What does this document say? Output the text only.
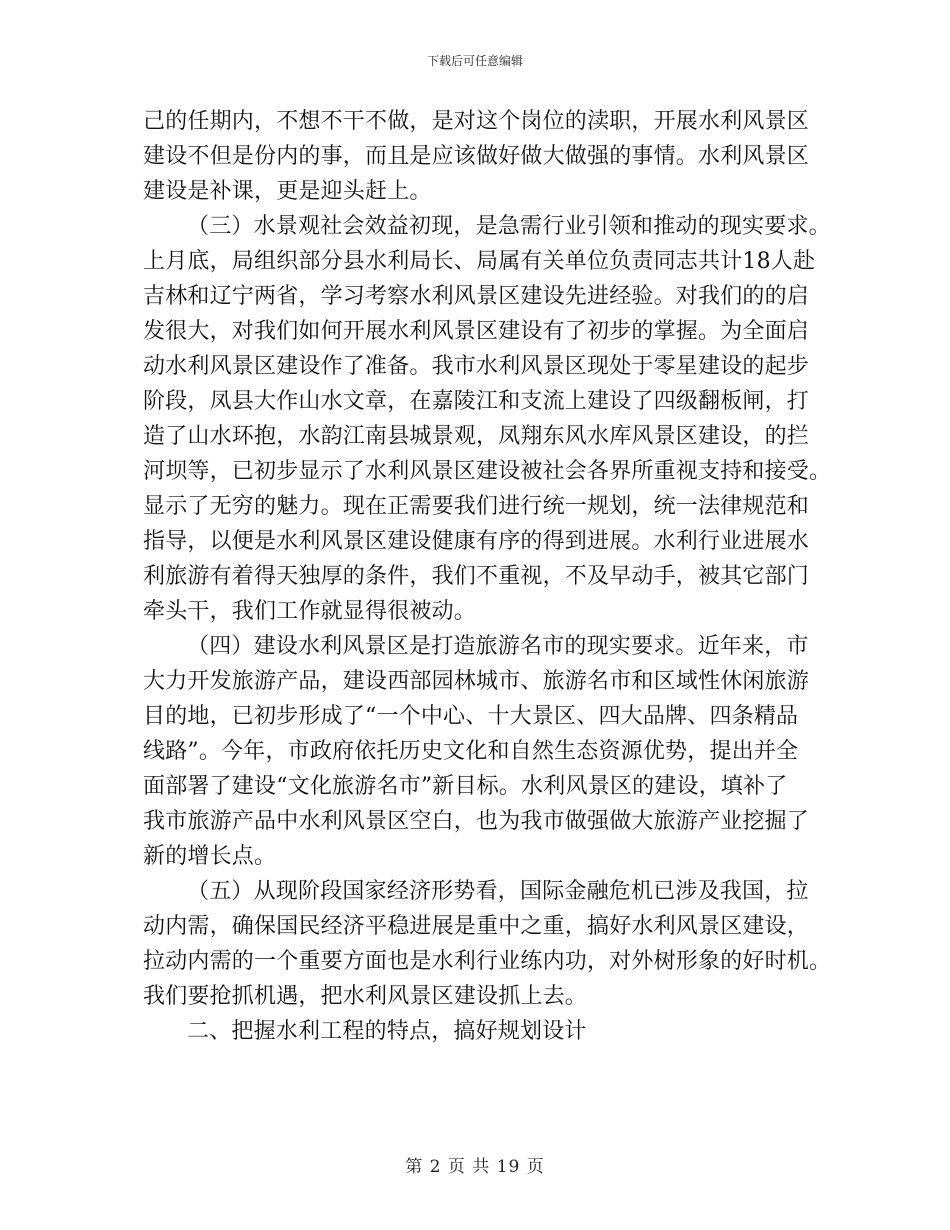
下载后可任意编辑
己的任期内，不想不干不做，是对这个岗位的渎职，开展水利风景区
建设不但是份内的事，而且是应该做好做大做强的事情。水利风景区
建设是补课，更是迎头赶上。
（三）水景观社会效益初现，是急需行业引领和推动的现实要求。
上月底，局组织部分县水利局长、局属有关单位负责同志共计18人赴
吉林和辽宁两省，学习考察水利风景区建设先进经验。对我们的的启
发很大，对我们如何开展水利风景区建设有了初步的掌握。为全面启
动水利风景区建设作了准备。我市水利风景区现处于零星建设的起步
阶段，凤县大作山水文章，在嘉陵江和支流上建设了四级翻板闸，打
造了山水环抱，水韵江南县城景观，凤翔东风水库风景区建设，的拦
河坝等，已初步显示了水利风景区建设被社会各界所重视支持和接受。
显示了无穷的魅力。现在正需要我们进行统一规划，统一法律规范和
指导，以便是水利风景区建设健康有序的得到进展。水利行业进展水
利旅游有着得天独厚的条件，我们不重视，不及早动手，被其它部门
牵头干，我们工作就显得很被动。
（四）建设水利风景区是打造旅游名市的现实要求。近年来，市
大力开发旅游产品，建设西部园林城市、旅游名市和区域性休闲旅游
目的地，已初步形成了“一个中心、十大景区、四大品牌、四条精品
线路”。今年，市政府依托历史文化和自然生态资源优势，提出并全
面部署了建设“文化旅游名市”新目标。水利风景区的建设，填补了
我市旅游产品中水利风景区空白，也为我市做强做大旅游产业挖掘了
新的增长点。
（五）从现阶段国家经济形势看，国际金融危机已涉及我国，拉
动内需，确保国民经济平稳进展是重中之重，搞好水利风景区建设，
拉动内需的一个重要方面也是水利行业练内功，对外树形象的好时机。
我们要抢抓机遇，把水利风景区建设抓上去。
二、把握水利工程的特点，搞好规划设计
第 2 页 共 19 页
